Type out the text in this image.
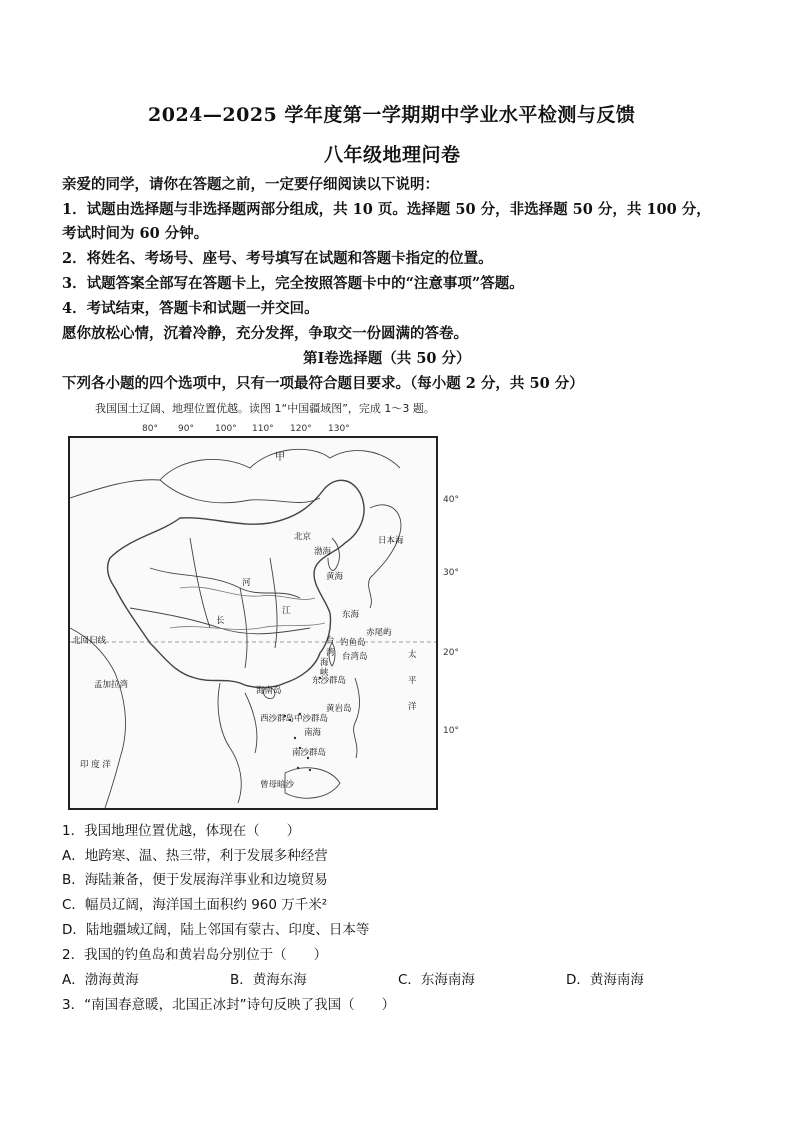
2024—2025 学年度第一学期期中学业水平检测与反馈
八年级地理问卷
亲爱的同学，请你在答题之前，一定要仔细阅读以下说明：
1．试题由选择题与非选择题两部分组成，共 10 页。选择题 50 分，非选择题 50 分，共 100 分，
考试时间为 60 分钟。
2．将姓名、考场号、座号、考号填写在试题和答题卡指定的位置。
3．试题答案全部写在答题卡上，完全按照答题卡中的“注意事项”答题。
4．考试结束，答题卡和试题一并交回。
愿你放松心情，沉着冷静，充分发挥，争取交一份圆满的答卷。
第Ⅰ卷选择题（共 50 分）
下列各小题的四个选项中，只有一项最符合题目要求。（每小题 2 分，共 50 分）
我国国土辽阔、地理位置优越。读图 1“中国疆域图”，完成 1～3 题。
80° 90° 100° 110° 120° 130°
40°
30°
20°
10°
甲
日本海
北京
渤海
黄海
河
长
江	东海
台
湾
钓鱼岛
赤尾屿
台湾岛
海
峡
北回归线
孟加拉湾
海南岛
东沙群岛
黄岩岛
西沙群岛中沙群岛
南海
南沙群岛
曾母暗沙
印 度 洋
太
平
洋
1．我国地理位置优越，体现在（　　）
A．地跨寒、温、热三带，利于发展多种经营
B．海陆兼备，便于发展海洋事业和边境贸易
C．幅员辽阔，海洋国土面积约 960 万千米²
D．陆地疆域辽阔，陆上邻国有蒙古、印度、日本等
2．我国的钓鱼岛和黄岩岛分别位于（　　）
A．渤海黄海	B．黄海东海	C．东海南海	D．黄海南海
3．“南国春意暖，北国正冰封”诗句反映了我国（　　）
